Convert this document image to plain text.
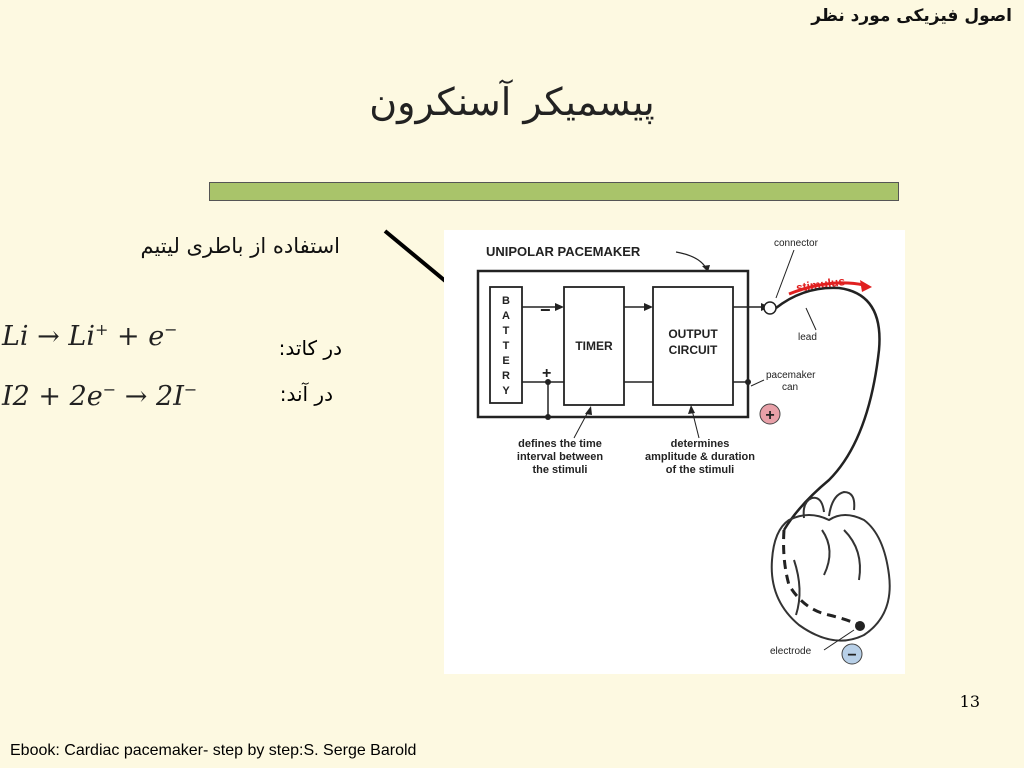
اصول فیزیکی مورد نظر
پیسمیکر آسنکرون
استفاده از باطری لیتیم
Li → Li+ + e−
در کاتد:
I2 + 2e− → 2I−	در آند:
UNIPOLAR PACEMAKER
B
A
T
T
E
R
Y
TIMER
OUTPUT
CIRCUIT
−
+
connector
stimulus
lead
pacemaker
can
+
defines the time
interval between
the stimuli
determines
amplitude & duration
of the stimuli
electrode −
13
Ebook: Cardiac pacemaker- step by step:S. Serge Barold
